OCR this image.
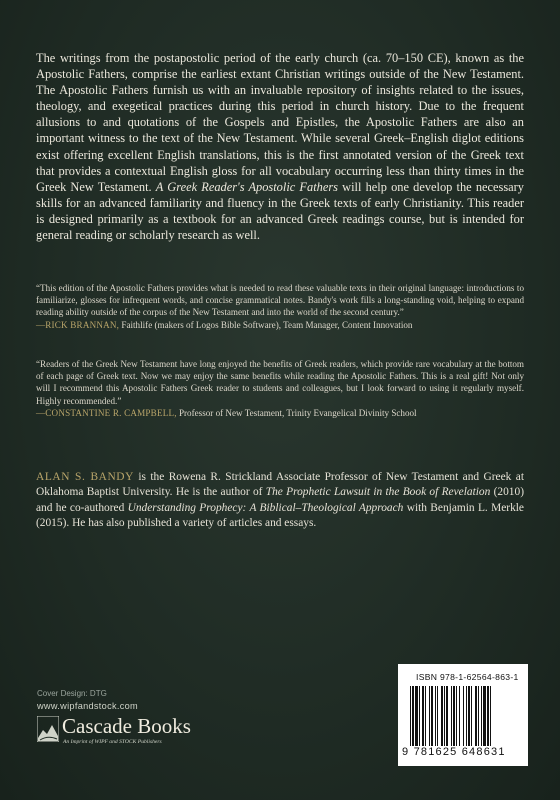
The writings from the postapostolic period of the early church (ca. 70–150 CE), known as the Apostolic Fathers, comprise the earliest extant Christian writings outside of the New Testament. The Apostolic Fathers furnish us with an invaluable repository of insights related to the issues, theology, and exegetical practices during this period in church history. Due to the frequent allusions to and quotations of the Gospels and Epistles, the Apostolic Fathers are also an important witness to the text of the New Testament. While several Greek–English diglot editions exist offering excellent English translations, this is the first annotated version of the Greek text that provides a contextual English gloss for all vocabulary occurring less than thirty times in the Greek New Testament. A Greek Reader's Apostolic Fathers will help one develop the necessary skills for an advanced familiarity and fluency in the Greek texts of early Christianity. This reader is designed primarily as a textbook for an advanced Greek readings course, but is intended for general reading or scholarly research as well.

“This edition of the Apostolic Fathers provides what is needed to read these valuable texts in their original language: introductions to familiarize, glosses for infrequent words, and concise grammatical notes. Bandy's work fills a long-standing void, helping to expand reading ability outside of the corpus of the New Testament and into the world of the second century.”
—RICK BRANNAN, Faithlife (makers of Logos Bible Software), Team Manager, Content Innovation

“Readers of the Greek New Testament have long enjoyed the benefits of Greek readers, which provide rare vocabulary at the bottom of each page of Greek text. Now we may enjoy the same benefits while reading the Apostolic Fathers. This is a real gift! Not only will I recommend this Apostolic Fathers Greek reader to students and colleagues, but I look forward to using it regularly myself. Highly recommended.”
—CONSTANTINE R. CAMPBELL, Professor of New Testament, Trinity Evangelical Divinity School

ALAN S. BANDY is the Rowena R. Strickland Associate Professor of New Testament and Greek at Oklahoma Baptist University. He is the author of The Prophetic Lawsuit in the Book of Revelation (2010) and he co-authored Understanding Prophecy: A Biblical–Theological Approach with Benjamin L. Merkle (2015). He has also published a variety of articles and essays.

Cover Design: DTG
www.wipfandstock.com
Cascade Books
An Imprint of WIPF and STOCK Publishers
ISBN 978-1-62564-863-1
9 781625 648631
